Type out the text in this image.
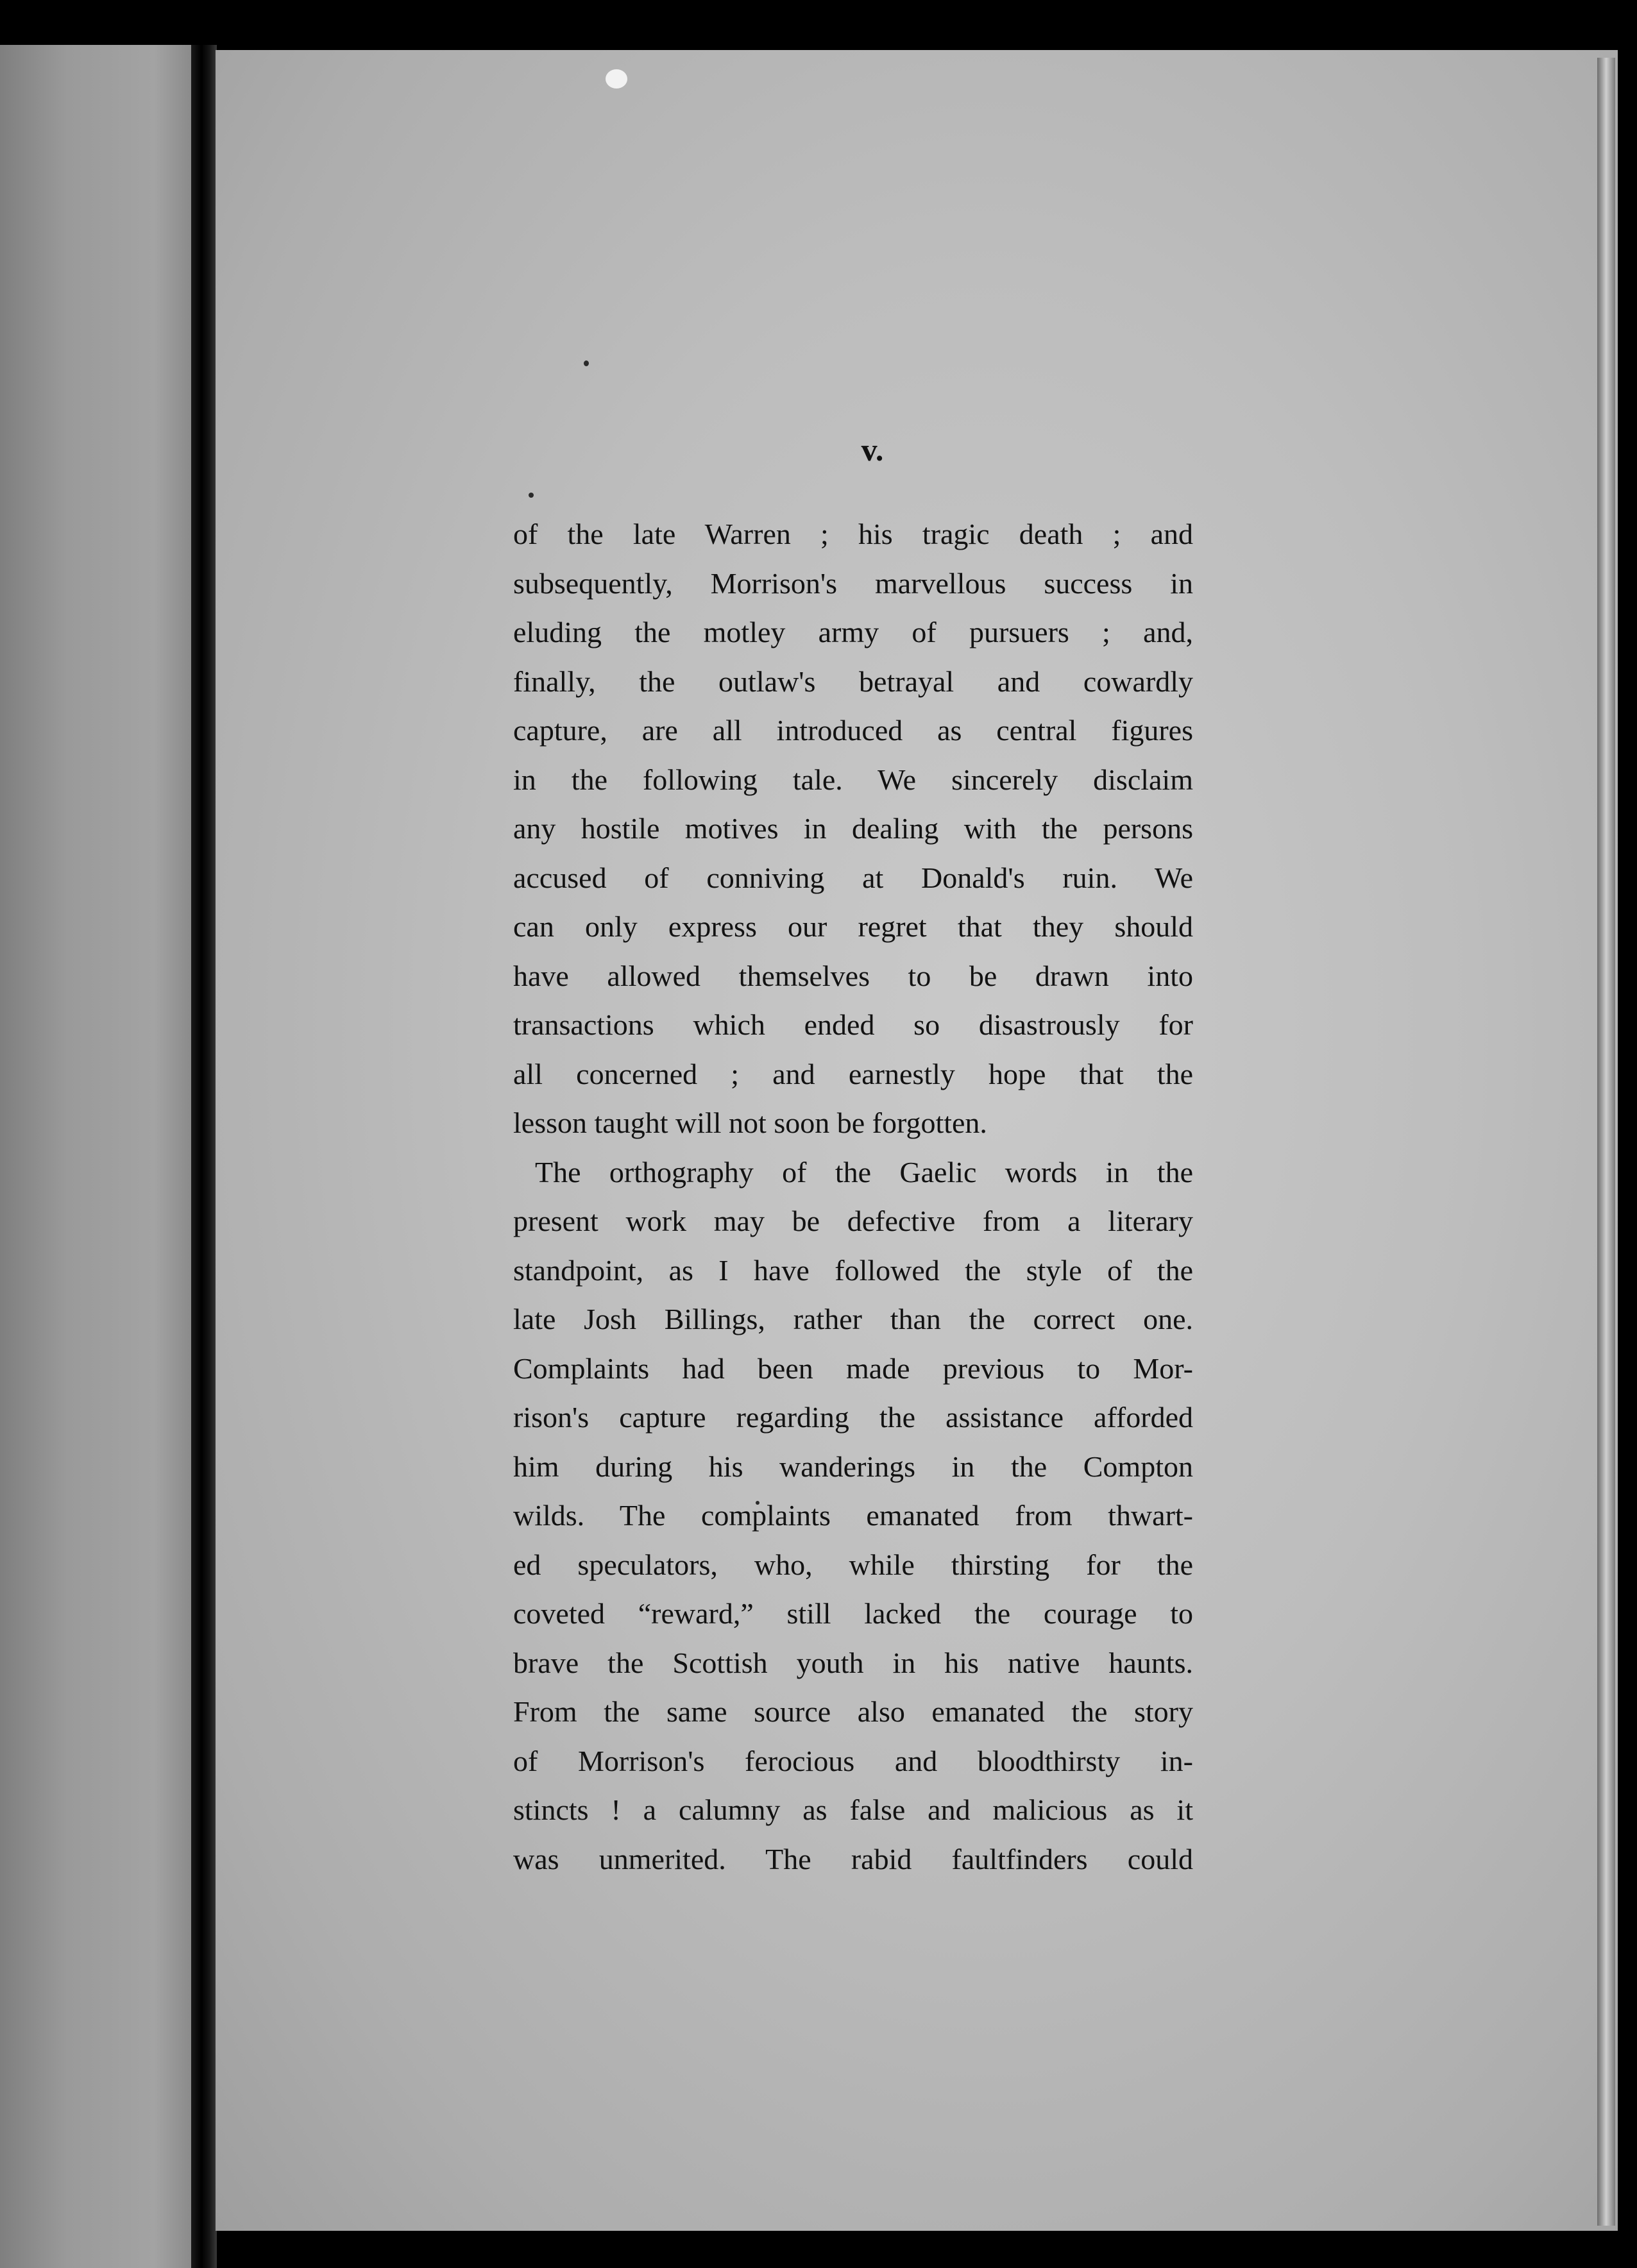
v.
of the late Warren ; his tragic death ; and
subsequently, Morrison's marvellous success in
eluding the motley army of pursuers ; and,
finally, the outlaw's betrayal and cowardly
capture, are all introduced as central figures
in the following tale. We sincerely disclaim
any hostile motives in dealing with the persons
accused of conniving at Donald's ruin. We
can only express our regret that they should
have allowed themselves to be drawn into
transactions which ended so disastrously for
all concerned ; and earnestly hope that the
lesson taught will not soon be forgotten.
The orthography of the Gaelic words in the
present work may be defective from a literary
standpoint, as I have followed the style of the
late Josh Billings, rather than the correct one.
Complaints had been made previous to Mor-
rison's capture regarding the assistance afforded
him during his wanderings in the Compton
wilds. The complaints emanated from thwart-
ed speculators, who, while thirsting for the
coveted “reward,” still lacked the courage to
brave the Scottish youth in his native haunts.
From the same source also emanated the story
of Morrison's ferocious and bloodthirsty in-
stincts ! a calumny as false and malicious as it
was unmerited. The rabid faultfinders could
